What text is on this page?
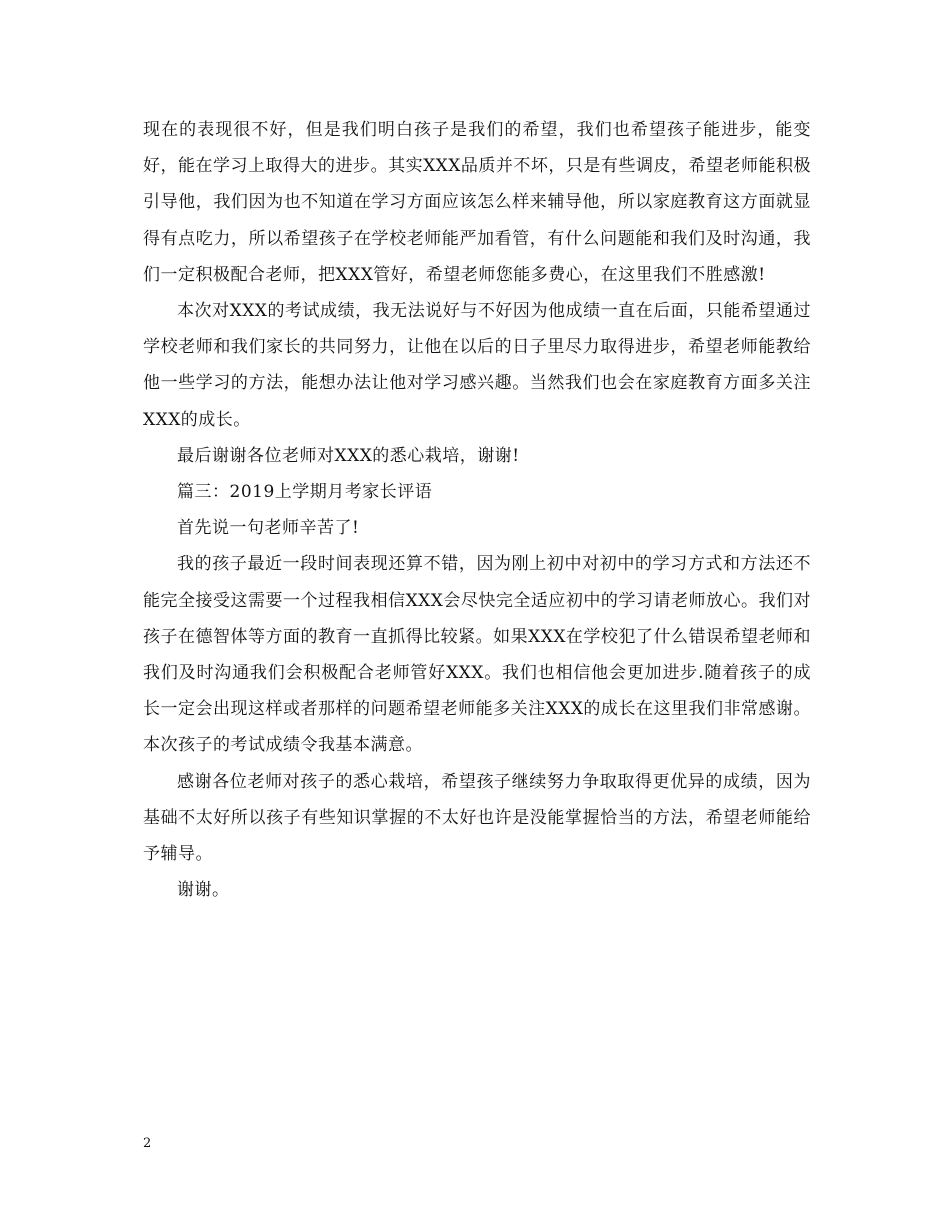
现在的表现很不好，但是我们明白孩子是我们的希望，我们也希望孩子能进步，能变好，能在学习上取得大的进步。其实XXX品质并不坏，只是有些调皮，希望老师能积极引导他，我们因为也不知道在学习方面应该怎么样来辅导他，所以家庭教育这方面就显得有点吃力，所以希望孩子在学校老师能严加看管，有什么问题能和我们及时沟通，我们一定积极配合老师，把XXX管好，希望老师您能多费心，在这里我们不胜感激!

本次对XXX的考试成绩，我无法说好与不好因为他成绩一直在后面，只能希望通过学校老师和我们家长的共同努力，让他在以后的日子里尽力取得进步，希望老师能教给他一些学习的方法，能想办法让他对学习感兴趣。当然我们也会在家庭教育方面多关注XXX的成长。

最后谢谢各位老师对XXX的悉心栽培，谢谢!

篇三：2019上学期月考家长评语

首先说一句老师辛苦了!

我的孩子最近一段时间表现还算不错，因为刚上初中对初中的学习方式和方法还不能完全接受这需要一个过程我相信XXX会尽快完全适应初中的学习请老师放心。我们对孩子在德智体等方面的教育一直抓得比较紧。如果XXX在学校犯了什么错误希望老师和我们及时沟通我们会积极配合老师管好XXX。我们也相信他会更加进步.随着孩子的成长一定会出现这样或者那样的问题希望老师能多关注XXX的成长在这里我们非常感谢。本次孩子的考试成绩令我基本满意。

感谢各位老师对孩子的悉心栽培，希望孩子继续努力争取取得更优异的成绩，因为基础不太好所以孩子有些知识掌握的不太好也许是没能掌握恰当的方法，希望老师能给予辅导。

谢谢。

2
